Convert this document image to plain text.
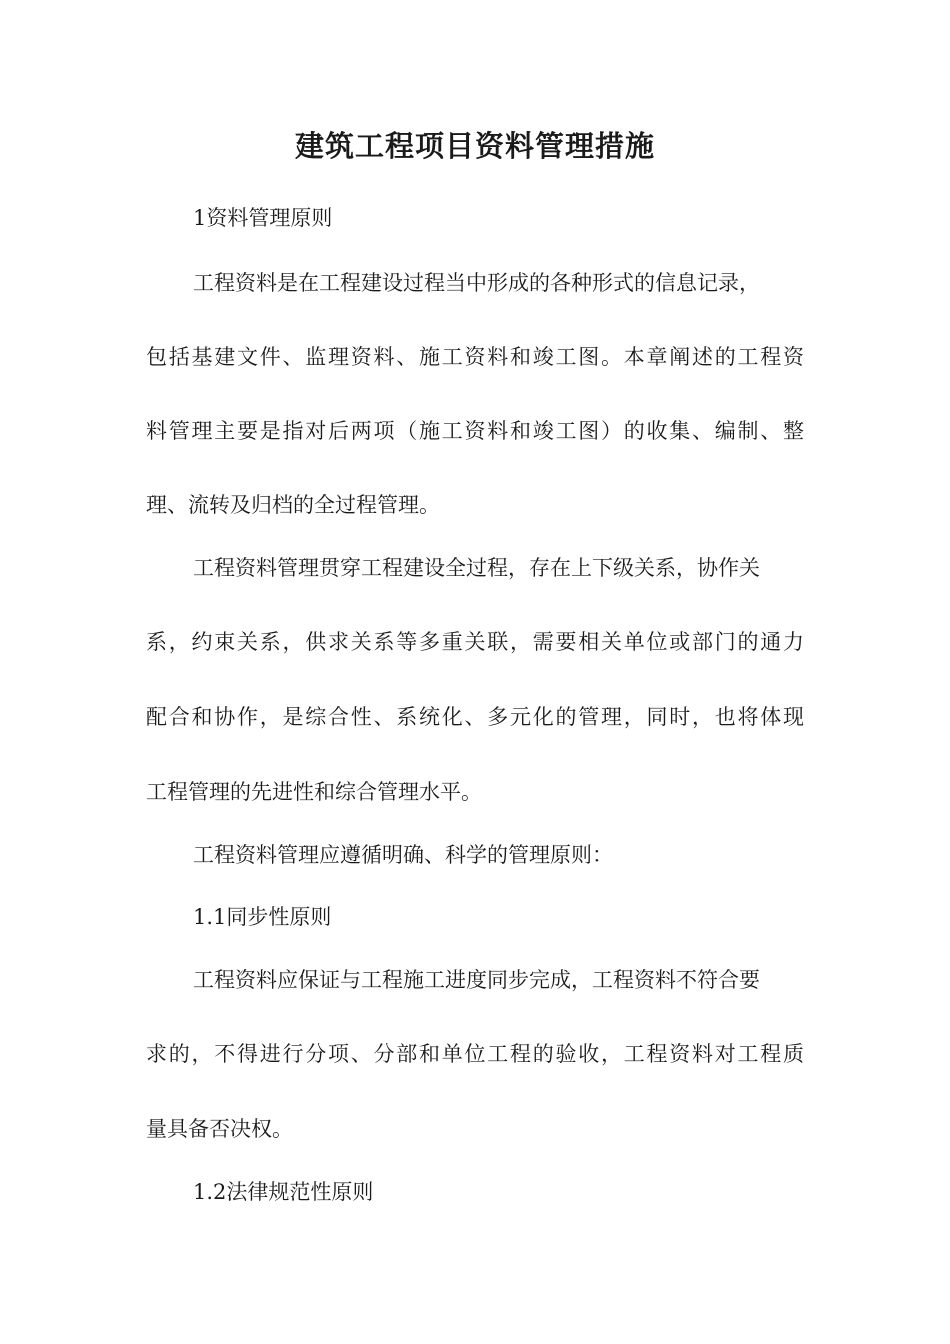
建筑工程项目资料管理措施

1资料管理原则

工程资料是在工程建设过程当中形成的各种形式的信息记录，

包括基建文件、监理资料、施工资料和竣工图。本章阐述的工程资

料管理主要是指对后两项（施工资料和竣工图）的收集、编制、整

理、流转及归档的全过程管理。

工程资料管理贯穿工程建设全过程，存在上下级关系，协作关

系，约束关系，供求关系等多重关联，需要相关单位或部门的通力

配合和协作，是综合性、系统化、多元化的管理，同时，也将体现

工程管理的先进性和综合管理水平。

工程资料管理应遵循明确、科学的管理原则：

1.1同步性原则

工程资料应保证与工程施工进度同步完成，工程资料不符合要

求的，不得进行分项、分部和单位工程的验收，工程资料对工程质

量具备否决权。

1.2法律规范性原则
